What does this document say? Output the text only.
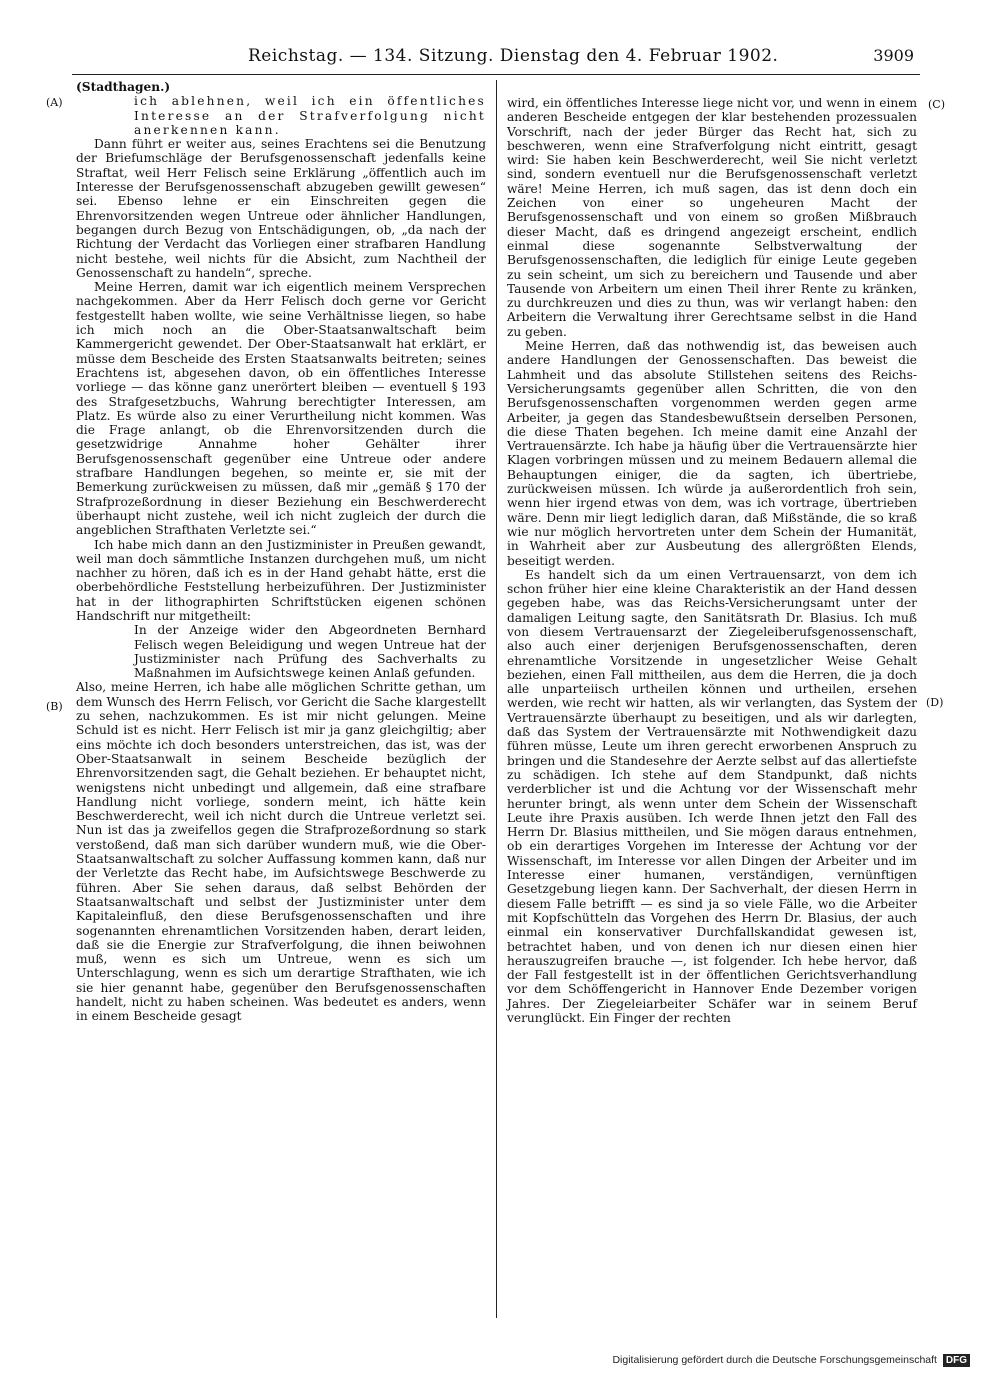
Reichstag. — 134. Sitzung. Dienstag den 4. Februar 1902.	3909
(A)
(B)
(C)
(D)

(Stadthagen.)

ich ablehnen, weil ich ein öffentliches Interesse an der Strafverfolgung nicht anerkennen kann.

Dann führt er weiter aus, seines Erachtens sei die Benutzung der Briefumschläge der Berufsgenossenschaft jedenfalls keine Straftat, weil Herr Felisch seine Erklärung „öffentlich auch im Interesse der Berufsgenossenschaft abzugeben gewillt gewesen“ sei. Ebenso lehne er ein Einschreiten gegen die Ehrenvorsitzenden wegen Untreue oder ähnlicher Handlungen, begangen durch Bezug von Entschädigungen, ob, „da nach der Richtung der Verdacht das Vorliegen einer strafbaren Handlung nicht bestehe, weil nichts für die Absicht, zum Nachtheil der Genossenschaft zu handeln“, spreche.

Meine Herren, damit war ich eigentlich meinem Versprechen nachgekommen. Aber da Herr Felisch doch gerne vor Gericht festgestellt haben wollte, wie seine Verhältnisse liegen, so habe ich mich noch an die Ober-Staatsanwaltschaft beim Kammergericht gewendet. Der Ober-Staatsanwalt hat erklärt, er müsse dem Bescheide des Ersten Staatsanwalts beitreten; seines Erachtens ist, abgesehen davon, ob ein öffentliches Interesse vorliege — das könne ganz unerörtert bleiben — eventuell § 193 des Strafgesetzbuchs, Wahrung berechtigter Interessen, am Platz. Es würde also zu einer Verurtheilung nicht kommen. Was die Frage anlangt, ob die Ehrenvorsitzenden durch die gesetzwidrige Annahme hoher Gehälter ihrer Berufsgenossenschaft gegenüber eine Untreue oder andere strafbare Handlungen begehen, so meinte er, sie mit der Bemerkung zurückweisen zu müssen, daß mir „gemäß § 170 der Strafprozeßordnung in dieser Beziehung ein Beschwerderecht überhaupt nicht zustehe, weil ich nicht zugleich der durch die angeblichen Strafthaten Verletzte sei.“

Ich habe mich dann an den Justizminister in Preußen gewandt, weil man doch sämmtliche Instanzen durchgehen muß, um nicht nachher zu hören, daß ich es in der Hand gehabt hätte, erst die oberbehördliche Feststellung herbeizuführen. Der Justizminister hat in der lithographirten Schriftstücken eigenen schönen Handschrift nur mitgetheilt:

In der Anzeige wider den Abgeordneten Bernhard Felisch wegen Beleidigung und wegen Untreue hat der Justizminister nach Prüfung des Sachverhalts zu Maßnahmen im Aufsichtswege keinen Anlaß gefunden.

Also, meine Herren, ich habe alle möglichen Schritte gethan, um dem Wunsch des Herrn Felisch, vor Gericht die Sache klargestellt zu sehen, nachzukommen. Es ist mir nicht gelungen. Meine Schuld ist es nicht. Herr Felisch ist mir ja ganz gleichgiltig; aber eins möchte ich doch besonders unterstreichen, das ist, was der Ober-Staatsanwalt in seinem Bescheide bezüglich der Ehrenvorsitzenden sagt, die Gehalt beziehen. Er behauptet nicht, wenigstens nicht unbedingt und allgemein, daß eine strafbare Handlung nicht vorliege, sondern meint, ich hätte kein Beschwerderecht, weil ich nicht durch die Untreue verletzt sei. Nun ist das ja zweifellos gegen die Strafprozeßordnung so stark verstoßend, daß man sich darüber wundern muß, wie die Ober-Staatsanwaltschaft zu solcher Auffassung kommen kann, daß nur der Verletzte das Recht habe, im Aufsichtswege Beschwerde zu führen. Aber Sie sehen daraus, daß selbst Behörden der Staatsanwaltschaft und selbst der Justizminister unter dem Kapitaleinfluß, den diese Berufsgenossenschaften und ihre sogenannten ehrenamtlichen Vorsitzenden haben, derart leiden, daß sie die Energie zur Strafverfolgung, die ihnen beiwohnen muß, wenn es sich um Untreue, wenn es sich um Unterschlagung, wenn es sich um derartige Strafthaten, wie ich sie hier genannt habe, gegenüber den Berufsgenossenschaften handelt, nicht zu haben scheinen. Was bedeutet es anders, wenn in einem Bescheide gesagt

wird, ein öffentliches Interesse liege nicht vor, und wenn in einem anderen Bescheide entgegen der klar bestehenden prozessualen Vorschrift, nach der jeder Bürger das Recht hat, sich zu beschweren, wenn eine Strafverfolgung nicht eintritt, gesagt wird: Sie haben kein Beschwerderecht, weil Sie nicht verletzt sind, sondern eventuell nur die Berufsgenossenschaft verletzt wäre! Meine Herren, ich muß sagen, das ist denn doch ein Zeichen von einer so ungeheuren Macht der Berufsgenossenschaft und von einem so großen Mißbrauch dieser Macht, daß es dringend angezeigt erscheint, endlich einmal diese sogenannte Selbstverwaltung der Berufsgenossenschaften, die lediglich für einige Leute gegeben zu sein scheint, um sich zu bereichern und Tausende und aber Tausende von Arbeitern um einen Theil ihrer Rente zu kränken, zu durchkreuzen und dies zu thun, was wir verlangt haben: den Arbeitern die Verwaltung ihrer Gerechtsame selbst in die Hand zu geben.

Meine Herren, daß das nothwendig ist, das beweisen auch andere Handlungen der Genossenschaften. Das beweist die Lahmheit und das absolute Stillstehen seitens des Reichs-Versicherungsamts gegenüber allen Schritten, die von den Berufsgenossenschaften vorgenommen werden gegen arme Arbeiter, ja gegen das Standesbewußtsein derselben Personen, die diese Thaten begehen. Ich meine damit eine Anzahl der Vertrauensärzte. Ich habe ja häufig über die Vertrauensärzte hier Klagen vorbringen müssen und zu meinem Bedauern allemal die Behauptungen einiger, die da sagten, ich übertriebe, zurückweisen müssen. Ich würde ja außerordentlich froh sein, wenn hier irgend etwas von dem, was ich vortrage, übertrieben wäre. Denn mir liegt lediglich daran, daß Mißstände, die so kraß wie nur möglich hervortreten unter dem Schein der Humanität, in Wahrheit aber zur Ausbeutung des allergrößten Elends, beseitigt werden.

Es handelt sich da um einen Vertrauensarzt, von dem ich schon früher hier eine kleine Charakteristik an der Hand dessen gegeben habe, was das Reichs-Versicherungsamt unter der damaligen Leitung sagte, den Sanitätsrath Dr. Blasius. Ich muß von diesem Vertrauensarzt der Ziegeleiberufsgenossenschaft, also auch einer derjenigen Berufsgenossenschaften, deren ehrenamtliche Vorsitzende in ungesetzlicher Weise Gehalt beziehen, einen Fall mittheilen, aus dem die Herren, die ja doch alle unparteiisch urtheilen können und urtheilen, ersehen werden, wie recht wir hatten, als wir verlangten, das System der Vertrauensärzte überhaupt zu beseitigen, und als wir darlegten, daß das System der Vertrauensärzte mit Nothwendigkeit dazu führen müsse, Leute um ihren gerecht erworbenen Anspruch zu bringen und die Standesehre der Aerzte selbst auf das allertiefste zu schädigen. Ich stehe auf dem Standpunkt, daß nichts verderblicher ist und die Achtung vor der Wissenschaft mehr herunter bringt, als wenn unter dem Schein der Wissenschaft Leute ihre Praxis ausüben. Ich werde Ihnen jetzt den Fall des Herrn Dr. Blasius mittheilen, und Sie mögen daraus entnehmen, ob ein derartiges Vorgehen im Interesse der Achtung vor der Wissenschaft, im Interesse vor allen Dingen der Arbeiter und im Interesse einer humanen, verständigen, vernünftigen Gesetzgebung liegen kann. Der Sachverhalt, der diesen Herrn in diesem Falle betrifft — es sind ja so viele Fälle, wo die Arbeiter mit Kopfschütteln das Vorgehen des Herrn Dr. Blasius, der auch einmal ein konservativer Durchfallskandidat gewesen ist, betrachtet haben, und von denen ich nur diesen einen hier herauszugreifen brauche —, ist folgender. Ich hebe hervor, daß der Fall festgestellt ist in der öffentlichen Gerichtsverhandlung vor dem Schöffengericht in Hannover Ende Dezember vorigen Jahres. Der Ziegeleiarbeiter Schäfer war in seinem Beruf verunglückt. Ein Finger der rechten

Digitalisierung gefördert durch die Deutsche Forschungsgemeinschaft DFG
